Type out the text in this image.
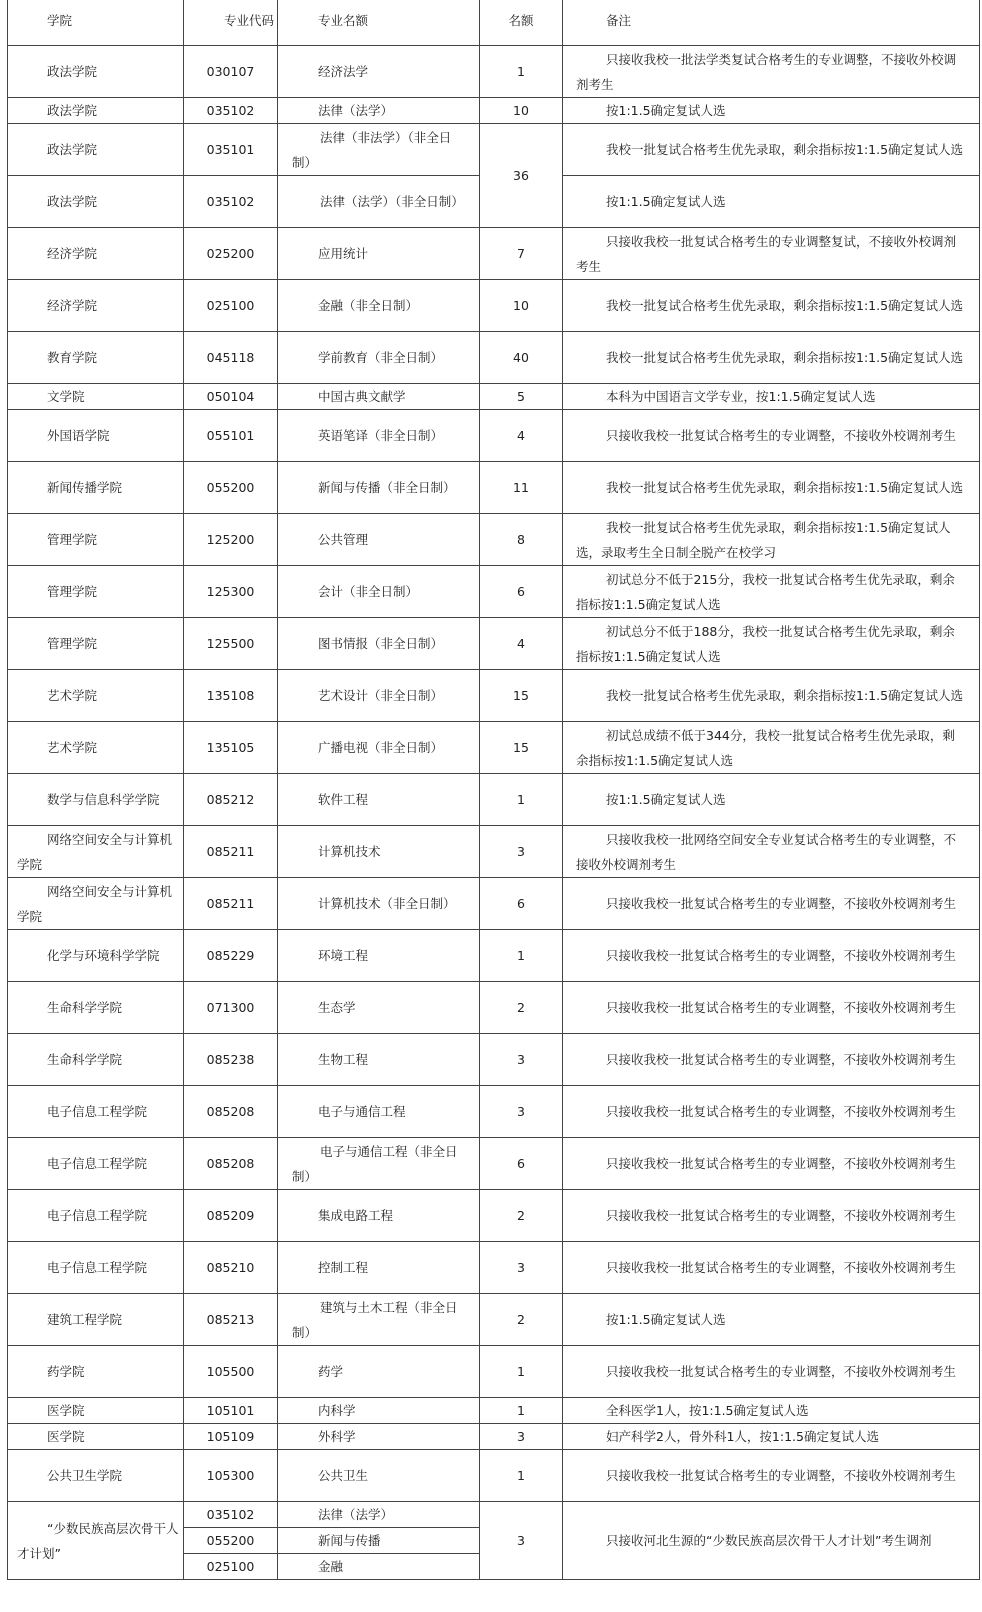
学院	专业代码	专业名额	名额	备注
政法学院	030107	经济法学	1	只接收我校一批法学类复试合格考生的专业调整，不接收外校调剂考生
政法学院	035102	法律（法学）	10	按1:1.5确定复试人选
政法学院	035101	法律（非法学）（非全日制）	36	我校一批复试合格考生优先录取，剩余指标按1:1.5确定复试人选
政法学院	035102	法律（法学）（非全日制）		按1:1.5确定复试人选
经济学院	025200	应用统计	7	只接收我校一批复试合格考生的专业调整复试，不接收外校调剂考生
经济学院	025100	金融（非全日制）	10	我校一批复试合格考生优先录取，剩余指标按1:1.5确定复试人选
教育学院	045118	学前教育（非全日制）	40	我校一批复试合格考生优先录取，剩余指标按1:1.5确定复试人选
文学院	050104	中国古典文献学	5	本科为中国语言文学专业，按1:1.5确定复试人选
外国语学院	055101	英语笔译（非全日制）	4	只接收我校一批复试合格考生的专业调整，不接收外校调剂考生
新闻传播学院	055200	新闻与传播（非全日制）	11	我校一批复试合格考生优先录取，剩余指标按1:1.5确定复试人选
管理学院	125200	公共管理	8	我校一批复试合格考生优先录取，剩余指标按1:1.5确定复试人选，录取考生全日制全脱产在校学习
管理学院	125300	会计（非全日制）	6	初试总分不低于215分，我校一批复试合格考生优先录取，剩余指标按1:1.5确定复试人选
管理学院	125500	图书情报（非全日制）	4	初试总分不低于188分，我校一批复试合格考生优先录取，剩余指标按1:1.5确定复试人选
艺术学院	135108	艺术设计（非全日制）	15	我校一批复试合格考生优先录取，剩余指标按1:1.5确定复试人选
艺术学院	135105	广播电视（非全日制）	15	初试总成绩不低于344分，我校一批复试合格考生优先录取，剩余指标按1:1.5确定复试人选
数学与信息科学学院	085212	软件工程	1	按1:1.5确定复试人选
网络空间安全与计算机学院	085211	计算机技术	3	只接收我校一批网络空间安全专业复试合格考生的专业调整，不接收外校调剂考生
网络空间安全与计算机学院	085211	计算机技术（非全日制）	6	只接收我校一批复试合格考生的专业调整，不接收外校调剂考生
化学与环境科学学院	085229	环境工程	1	只接收我校一批复试合格考生的专业调整，不接收外校调剂考生
生命科学学院	071300	生态学	2	只接收我校一批复试合格考生的专业调整，不接收外校调剂考生
生命科学学院	085238	生物工程	3	只接收我校一批复试合格考生的专业调整，不接收外校调剂考生
电子信息工程学院	085208	电子与通信工程	3	只接收我校一批复试合格考生的专业调整，不接收外校调剂考生
电子信息工程学院	085208	电子与通信工程（非全日制）	6	只接收我校一批复试合格考生的专业调整，不接收外校调剂考生
电子信息工程学院	085209	集成电路工程	2	只接收我校一批复试合格考生的专业调整，不接收外校调剂考生
电子信息工程学院	085210	控制工程	3	只接收我校一批复试合格考生的专业调整，不接收外校调剂考生
建筑工程学院	085213	建筑与土木工程（非全日制）	2	按1:1.5确定复试人选
药学院	105500	药学	1	只接收我校一批复试合格考生的专业调整，不接收外校调剂考生
医学院	105101	内科学	1	全科医学1人，按1:1.5确定复试人选
医学院	105109	外科学	3	妇产科学2人，骨外科1人，按1:1.5确定复试人选
公共卫生学院	105300	公共卫生	1	只接收我校一批复试合格考生的专业调整，不接收外校调剂考生
“少数民族高层次骨干人才计划”	035102	法律（法学）	3	只接收河北生源的“少数民族高层次骨干人才计划”考生调剂
	055200	新闻与传播		
	025100	金融		
